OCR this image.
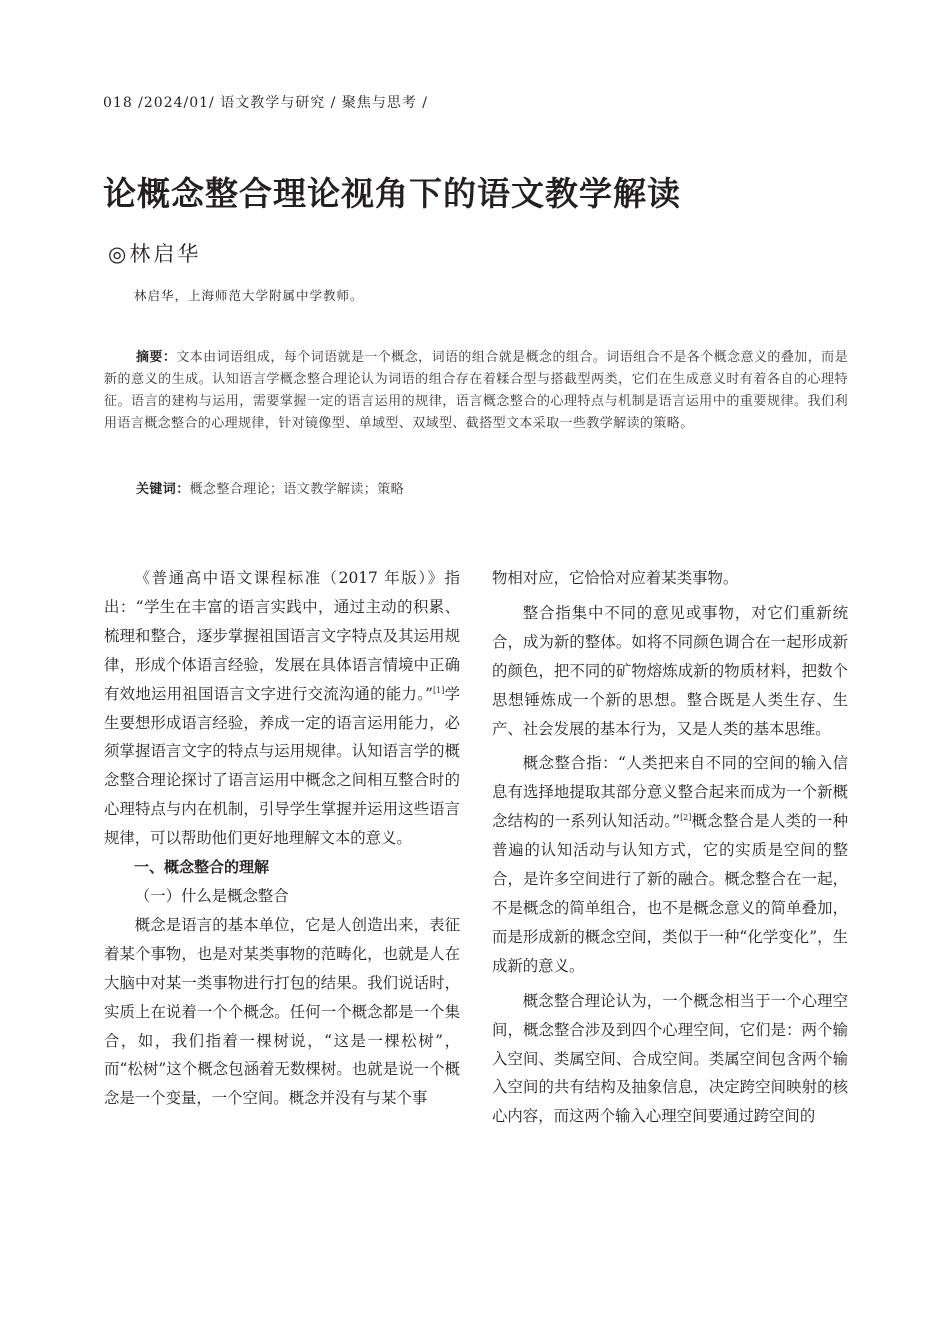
018 /2024/01/ 语文教学与研究 / 聚焦与思考 /
论概念整合理论视角下的语文教学解读
◎林启华
林启华，上海师范大学附属中学教师。

摘要：文本由词语组成，每个词语就是一个概念，词语的组合就是概念的组合。词语组合不是各个概念意义的叠加，而是新的意义的生成。认知语言学概念整合理论认为词语的组合存在着糅合型与搭截型两类，它们在生成意义时有着各自的心理特征。语言的建构与运用，需要掌握一定的语言运用的规律，语言概念整合的心理特点与机制是语言运用中的重要规律。我们利用语言概念整合的心理规律，针对镜像型、单域型、双域型、截搭型文本采取一些教学解读的策略。

关键词：概念整合理论；语文教学解读；策略

《普通高中语文课程标准（2017 年版）》指出：“学生在丰富的语言实践中，通过主动的积累、梳理和整合，逐步掌握祖国语言文字特点及其运用规律，形成个体语言经验，发展在具体语言情境中正确有效地运用祖国语言文字进行交流沟通的能力。”[1]学生要想形成语言经验，养成一定的语言运用能力，必须掌握语言文字的特点与运用规律。认知语言学的概念整合理论探讨了语言运用中概念之间相互整合时的心理特点与内在机制，引导学生掌握并运用这些语言规律，可以帮助他们更好地理解文本的意义。

一、概念整合的理解

（一）什么是概念整合

概念是语言的基本单位，它是人创造出来，表征着某个事物，也是对某类事物的范畴化，也就是人在大脑中对某一类事物进行打包的结果。我们说话时，实质上在说着一个个概念。任何一个概念都是一个集合，如，我们指着一棵树说，“这是一棵松树”，而“松树”这个概念包涵着无数棵树。也就是说一个概念是一个变量，一个空间。概念并没有与某个事

物相对应，它恰恰对应着某类事物。

整合指集中不同的意见或事物，对它们重新统合，成为新的整体。如将不同颜色调合在一起形成新的颜色，把不同的矿物熔炼成新的物质材料，把数个思想锤炼成一个新的思想。整合既是人类生存、生产、社会发展的基本行为，又是人类的基本思维。

概念整合指：“人类把来自不同的空间的输入信息有选择地提取其部分意义整合起来而成为一个新概念结构的一系列认知活动。”[2]概念整合是人类的一种普遍的认知活动与认知方式，它的实质是空间的整合，是许多空间进行了新的融合。概念整合在一起，不是概念的简单组合，也不是概念意义的简单叠加，而是形成新的概念空间，类似于一种“化学变化”，生成新的意义。

概念整合理论认为，一个概念相当于一个心理空间，概念整合涉及到四个心理空间，它们是：两个输入空间、类属空间、合成空间。类属空间包含两个输入空间的共有结构及抽象信息，决定跨空间映射的核心内容，而这两个输入心理空间要通过跨空间的
